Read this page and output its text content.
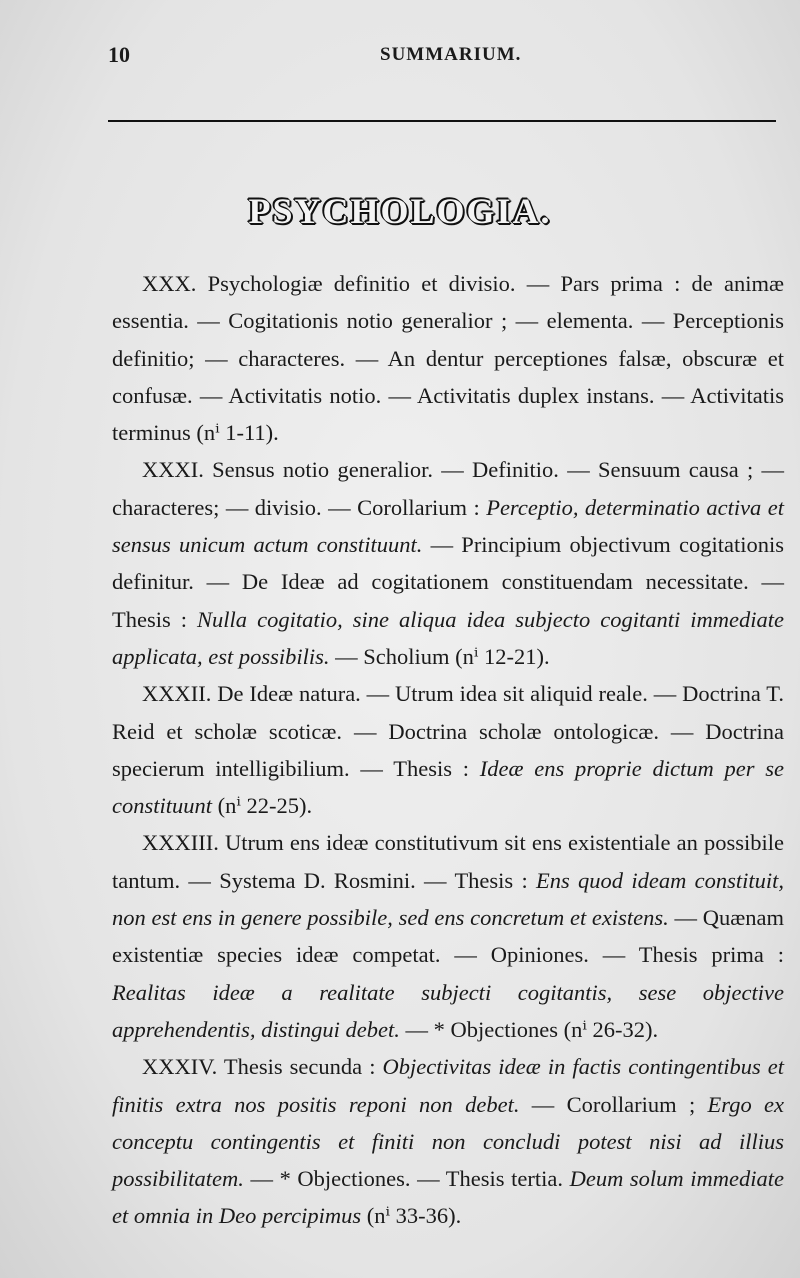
10	SUMMARIUM.
PSYCHOLOGIA.

XXX. Psychologiæ definitio et divisio. — Pars prima : de animæ essentia. — Cogitationis notio generalior ; — elementa. — Perceptionis definitio; — characteres. — An dentur perceptiones falsæ, obscuræ et confusæ. — Activitatis notio. — Activitatis duplex instans. — Activitatis terminus (nⁱ 1-11).

XXXI. Sensus notio generalior. — Definitio. — Sensuum causa ; — characteres; — divisio. — Corollarium : Perceptio, determinatio activa et sensus unicum actum constituunt. — Principium objectivum cogitationis definitur. — De Ideæ ad cogitationem constituendam necessitate. — Thesis : Nulla cogitatio, sine aliqua idea subjecto cogitanti immediate applicata, est possibilis. — Scholium (nⁱ 12-21).

XXXII. De Ideæ natura. — Utrum idea sit aliquid reale. — Doctrina T. Reid et scholæ scoticæ. — Doctrina scholæ ontologicæ. — Doctrina specierum intelligibilium. — Thesis : Ideæ ens proprie dictum per se constituunt (nⁱ 22-25).

XXXIII. Utrum ens ideæ constitutivum sit ens existentiale an possibile tantum. — Systema D. Rosmini. — Thesis : Ens quod ideam constituit, non est ens in genere possibile, sed ens concretum et existens. — Quænam existentiæ species ideæ competat. — Opiniones. — Thesis prima : Realitas ideæ a realitate subjecti cogitantis, sese objective apprehendentis, distingui debet. — * Objectiones (nⁱ 26-32).

XXXIV. Thesis secunda : Objectivitas ideæ in factis contingentibus et finitis extra nos positis reponi non debet. — Corollarium ; Ergo ex conceptu contingentis et finiti non concludi potest nisi ad illius possibilitatem. — * Objectiones. — Thesis tertia. Deum solum immediate et omnia in Deo percipimus (nⁱ 33-36).
